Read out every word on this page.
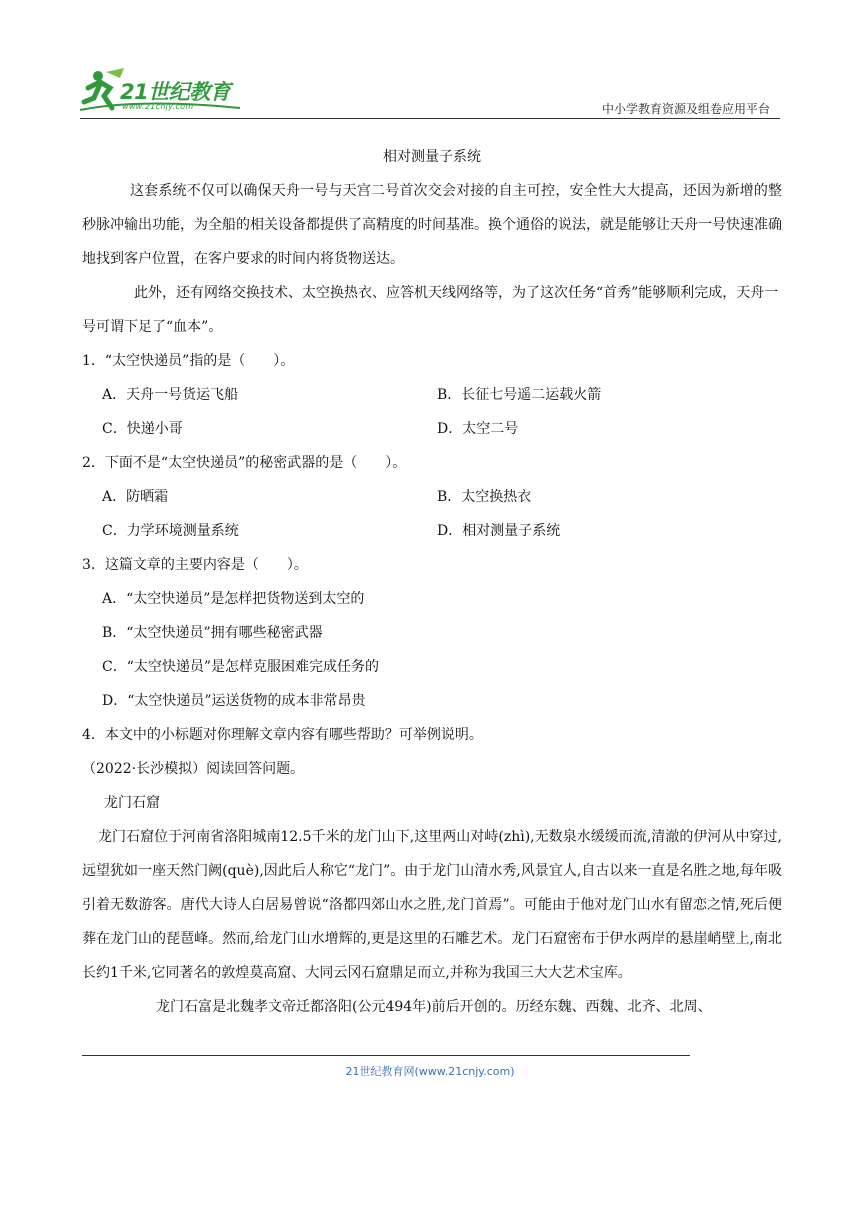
21世纪教育
www.21cnjy.com	中小学教育资源及组卷应用平台
相对测量子系统
这套系统不仅可以确保天舟一号与天宫二号首次交会对接的自主可控，安全性大大提高，还因为新增的整秒脉冲输出功能，为全船的相关设备都提供了高精度的时间基准。换个通俗的说法，就是能够让天舟一号快速准确地找到客户位置，在客户要求的时间内将货物送达。
此外，还有网络交换技术、太空换热衣、应答机天线网络等，为了这次任务“首秀”能够顺利完成，天舟一号可谓下足了“血本”。
1．“太空快递员”指的是（　　）。
A．天舟一号货运飞船	B．长征七号遥二运载火箭
C．快递小哥	D．太空二号
2．下面不是“太空快递员”的秘密武器的是（　　）。
A．防晒霜	B．太空换热衣
C．力学环境测量系统	D．相对测量子系统
3．这篇文章的主要内容是（　　）。
A．“太空快递员”是怎样把货物送到太空的
B．“太空快递员”拥有哪些秘密武器
C．“太空快递员”是怎样克服困难完成任务的
D．“太空快递员”运送货物的成本非常昂贵
4．本文中的小标题对你理解文章内容有哪些帮助？可举例说明。
（2022·长沙模拟）阅读回答问题。
龙门石窟
龙门石窟位于河南省洛阳城南12.5千米的龙门山下,这里两山对峙(zhì),无数泉水缓缓而流,清澈的伊河从中穿过,远望犹如一座天然门阙(què),因此后人称它“龙门”。由于龙门山清水秀,风景宜人,自古以来一直是名胜之地,每年吸引着无数游客。唐代大诗人白居易曾说“洛都四郊山水之胜,龙门首焉”。可能由于他对龙门山水有留恋之情,死后便葬在龙门山的琵琶峰。然而,给龙门山水增辉的,更是这里的石雕艺术。龙门石窟密布于伊水两岸的悬崖峭壁上,南北长约1千米,它同著名的敦煌莫高窟、大同云冈石窟鼎足而立,并称为我国三大大艺术宝库。
龙门石富是北魏孝文帝迁都洛阳(公元494年)前后开创的。历经东魏、西魏、北齐、北周、
21世纪教育网(www.21cnjy.com)
